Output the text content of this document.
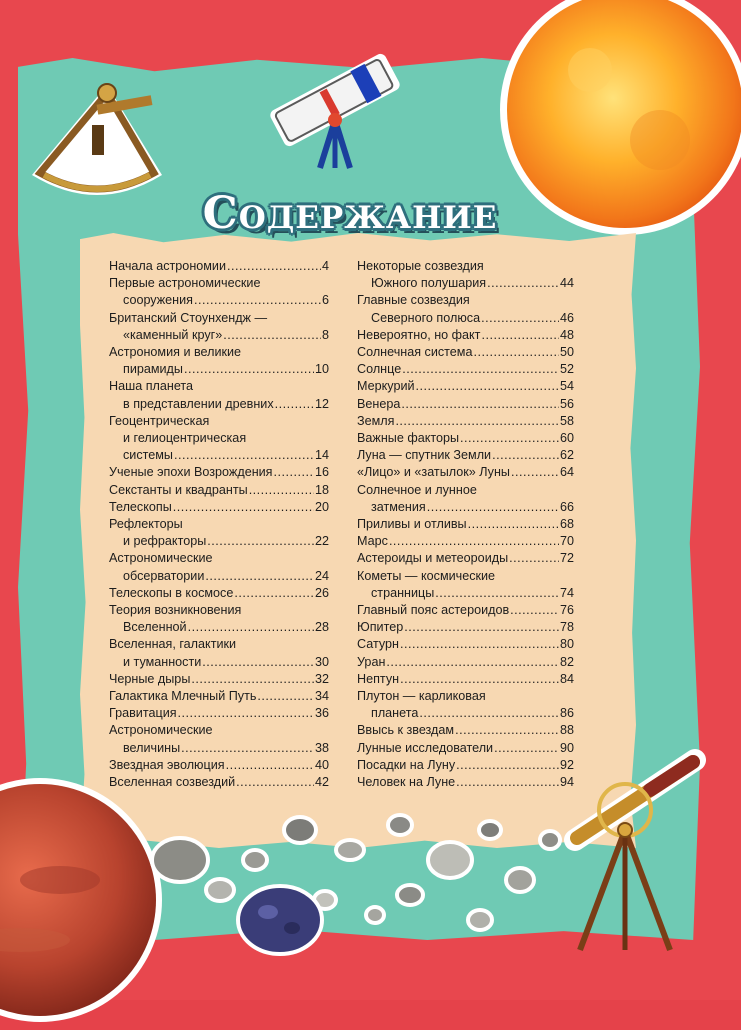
Содержание
Начала астрономии .....	4
Первые астрономические
сооружения .....	6
Британский Стоунхендж —
«каменный круг» .....	8
Астрономия и великие
пирамиды .....	10
Наша планета
в представлении древних .....	12
Геоцентрическая
и гелиоцентрическая
системы .....	14
Ученые эпохи Возрождения .....	16
Секстанты и квадранты .....	18
Телескопы .....	20
Рефлекторы
и рефракторы .....	22
Астрономические
обсерватории .....	24
Телескопы в космосе .....	26
Теория возникновения
Вселенной .....	28
Вселенная, галактики
и туманности .....	30
Черные дыры .....	32
Галактика Млечный Путь .....	34
Гравитация .....	36
Астрономические
величины .....	38
Звездная эволюция .....	40
Вселенная созвездий .....	42
Некоторые созвездия
Южного полушария .....	44
Главные созвездия
Северного полюса .....	46
Невероятно, но факт .....	48
Солнечная система .....	50
Солнце .....	52
Меркурий .....	54
Венера .....	56
Земля .....	58
Важные факторы .....	60
Луна — спутник Земли .....	62
«Лицо» и «затылок» Луны .....	64
Солнечное и лунное
затмения .....	66
Приливы и отливы .....	68
Марс .....	70
Астероиды и метеороиды .....	72
Кометы — космические
странницы .....	74
Главный пояс астероидов .....	76
Юпитер .....	78
Сатурн .....	80
Уран .....	82
Нептун .....	84
Плутон — карликовая
планета .....	86
Ввысь к звездам .....	88
Лунные исследователи .....	90
Посадки на Луну .....	92
Человек на Луне .....	94
